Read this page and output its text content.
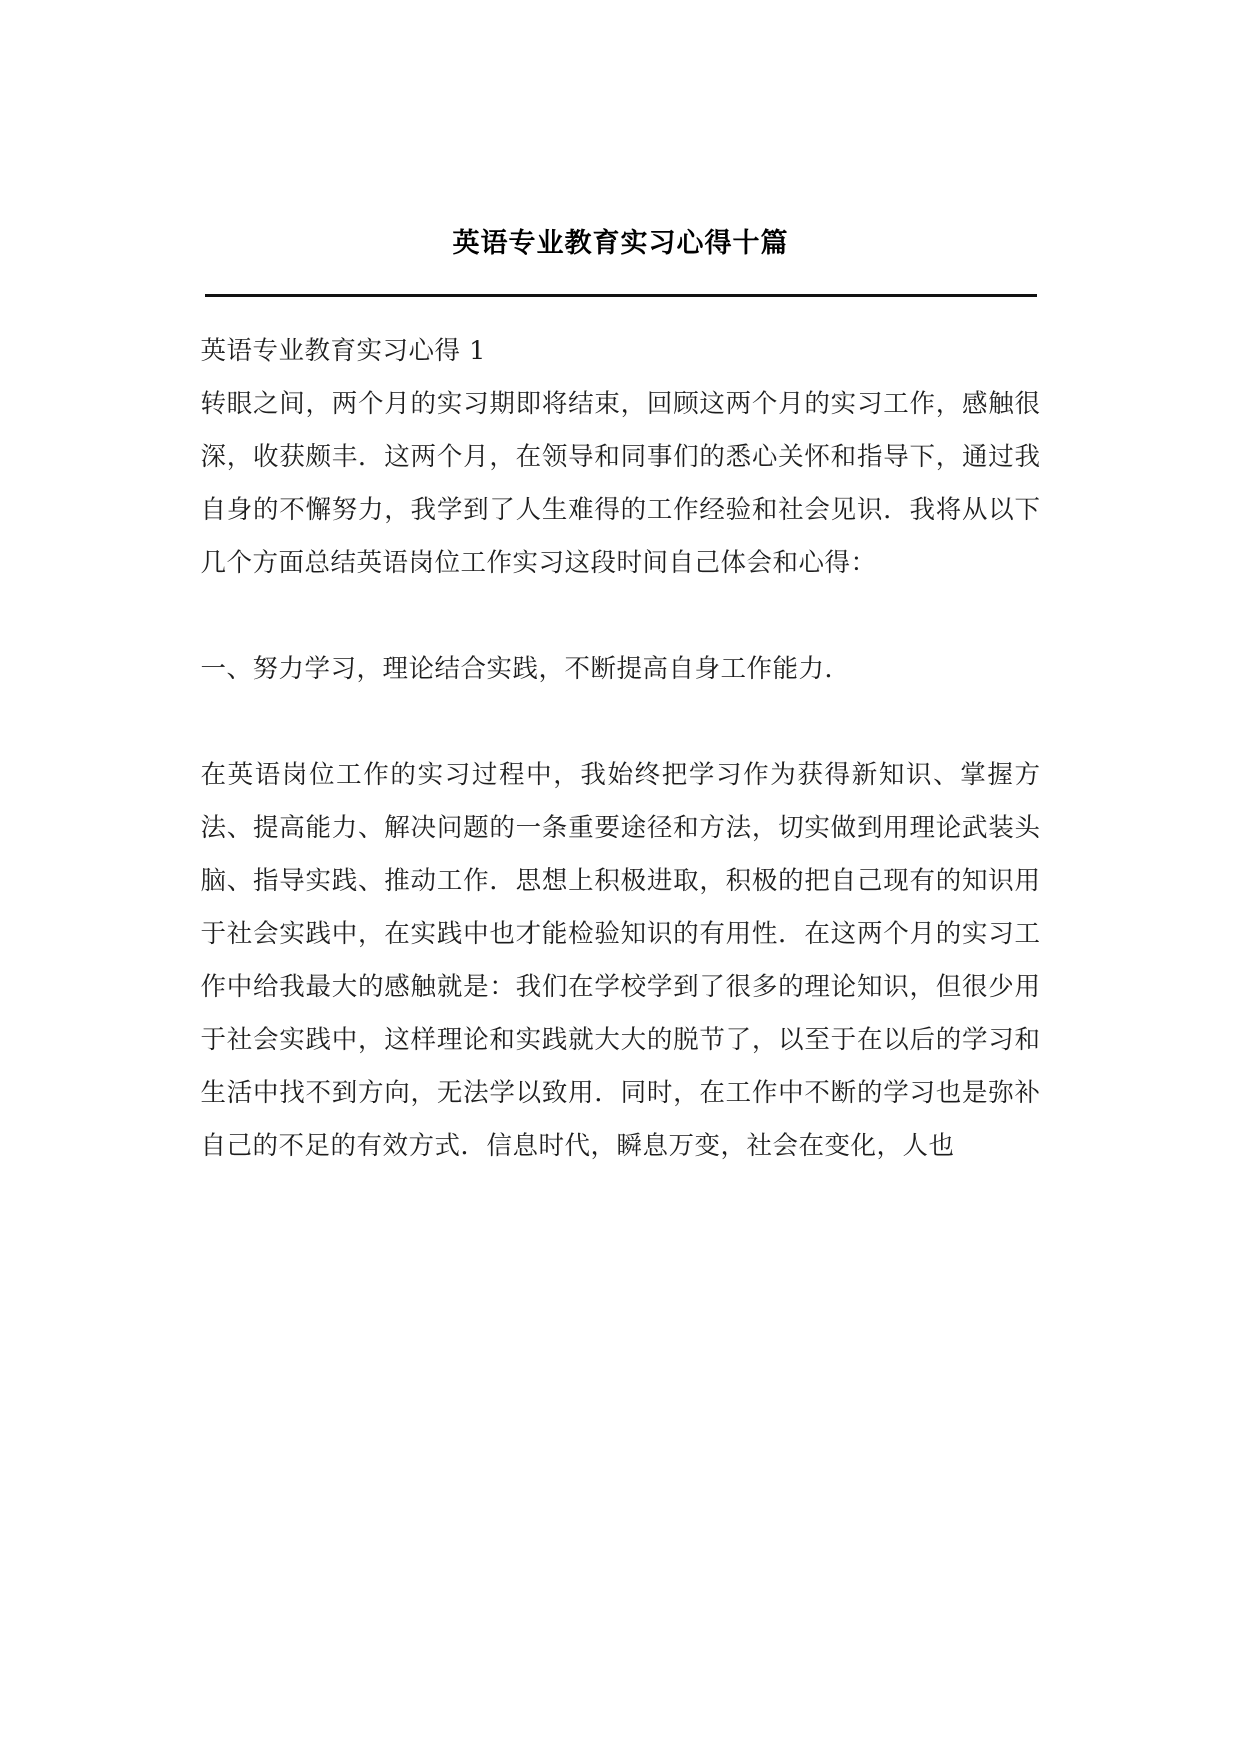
英语专业教育实习心得十篇

英语专业教育实习心得 1

转眼之间，两个月的实习期即将结束，回顾这两个月的实习工作，感触很深，收获颇丰．这两个月，在领导和同事们的悉心关怀和指导下，通过我自身的不懈努力，我学到了人生难得的工作经验和社会见识．我将从以下几个方面总结英语岗位工作实习这段时间自己体会和心得：

一、努力学习，理论结合实践，不断提高自身工作能力．

在英语岗位工作的实习过程中，我始终把学习作为获得新知识、掌握方法、提高能力、解决问题的一条重要途径和方法，切实做到用理论武装头脑、指导实践、推动工作．思想上积极进取，积极的把自己现有的知识用于社会实践中，在实践中也才能检验知识的有用性．在这两个月的实习工作中给我最大的感触就是：我们在学校学到了很多的理论知识，但很少用于社会实践中，这样理论和实践就大大的脱节了，以至于在以后的学习和生活中找不到方向，无法学以致用．同时，在工作中不断的学习也是弥补自己的不足的有效方式．信息时代，瞬息万变，社会在变化，人也
